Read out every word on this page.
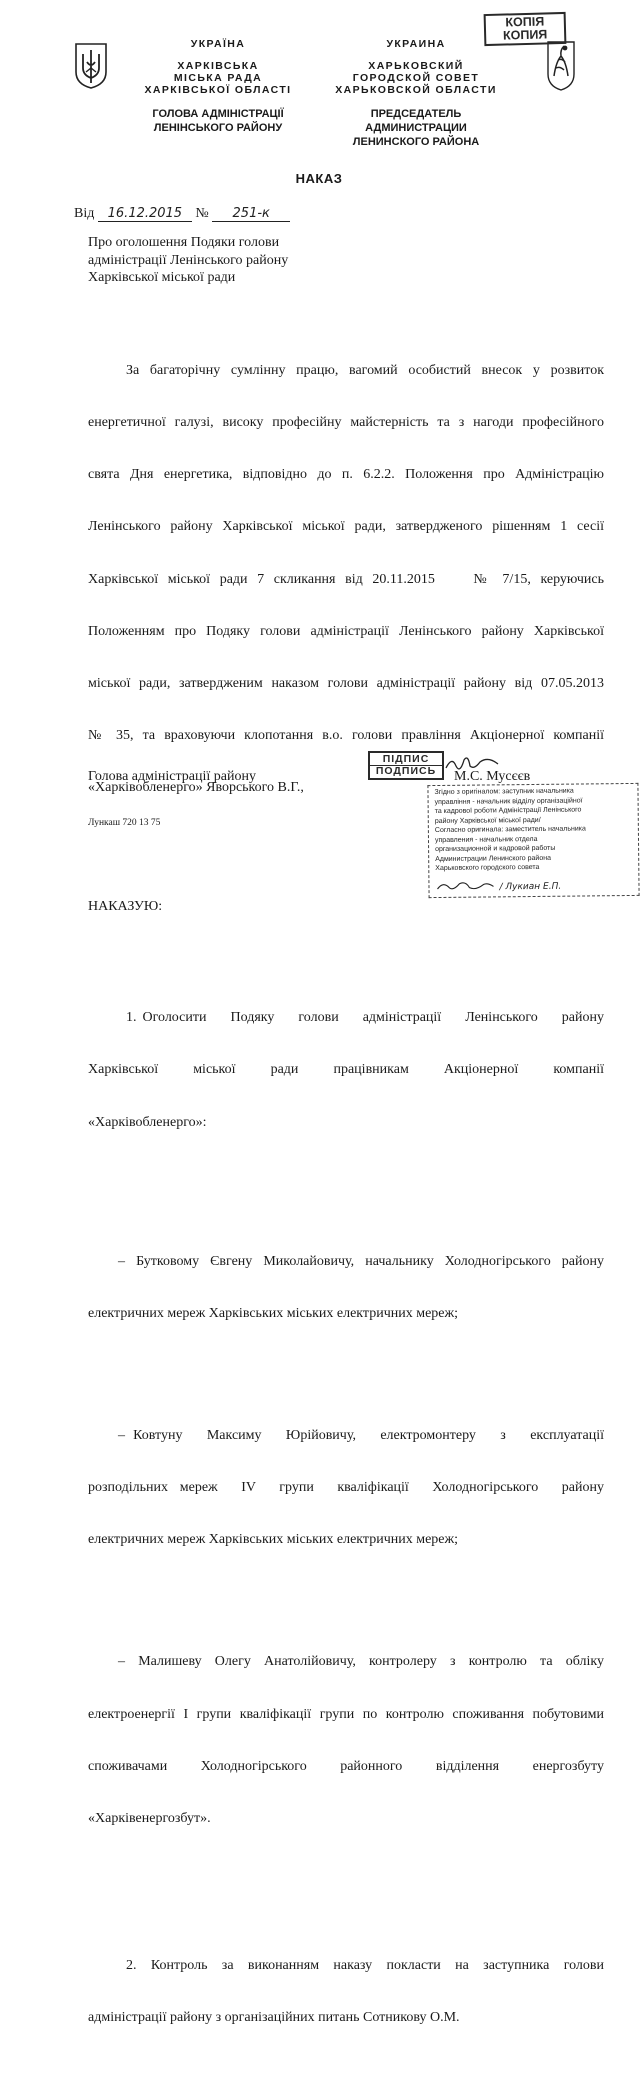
КОПІЯ
КОПИЯ
УКРАЇНА
ХАРКІВСЬКА
МІСЬКА РАДА
ХАРКІВСЬКОЇ ОБЛАСТІ
ГОЛОВА АДМІНІСТРАЦІЇ
ЛЕНІНСЬКОГО РАЙОНУ
УКРАИНА
ХАРЬКОВСКИЙ
ГОРОДСКОЙ СОВЕТ
ХАРЬКОВСКОЙ ОБЛАСТИ
ПРЕДСЕДАТЕЛЬ АДМИНИСТРАЦИИ
ЛЕНИНСКОГО РАЙОНА
НАКАЗ
Від 16.12.2015 № 251-к
Про оголошення Подяки голови
адміністрації Ленінського району
Харківської міської ради

За багаторічну сумлінну працю, вагомий особистий внесок у розвиток

енергетичної галузі, високу професійну майстерність та з нагоди професійного

свята Дня енергетика, відповідно до п. 6.2.2. Положення про Адміністрацію

Ленінського району Харківської міської ради, затвердженого рішенням 1 сесії

Харківської міської ради 7 скликання від 20.11.2015    № 7/15, керуючись

Положенням про Подяку голови адміністрації Ленінського району Харківської

міської ради, затвердженим наказом голови адміністрації району від 07.05.2013

№ 35, та враховуючи клопотання в.о. голови правління Акціонерної компанії

«Харківобленерго» Яворського В.Г.,

НАКАЗУЮ:

1. Оголосити    Подяку    голови    адміністрації    Ленінського    району

Харківської    міської    ради    працівникам    Акціонерної    компанії

«Харківобленерго»:

– Бутковому Євгену Миколайовичу, начальнику Холодногірського району

електричних мереж Харківських міських електричних мереж;

– Ковтуну   Максиму   Юрійовичу,   електромонтеру   з   експлуатації

розподільних мереж  IV  групи  кваліфікації  Холодногірського  району

електричних мереж Харківських міських електричних мереж;

– Малишеву Олегу Анатолійовичу, контролеру з контролю та обліку

електроенергії I групи кваліфікації групи по контролю споживання побутовими

споживачами     Холодногірського     районного     відділення     енергозбуту

«Харківенергозбут».

2. Контроль за виконанням наказу покласти на заступника голови

адміністрації району з організаційних питань Сотникову О.М.

Голова адміністрації району
ПІДПИС
ПОДПИСЬ	М.С. Мусєєв
Лункаш 720 13 75
Згідно з оригіналом: заступник начальника
управління - начальник відділу організаційної
та кадрової роботи Адміністрації Ленінського
району Харківської міської ради/
Согласно оригинала: заместитель начальника
управления - начальник отдела
организационной и кадровой работы
Администрации Ленинского района
Харьковского городского совета
/ Лукиан Е.П.
